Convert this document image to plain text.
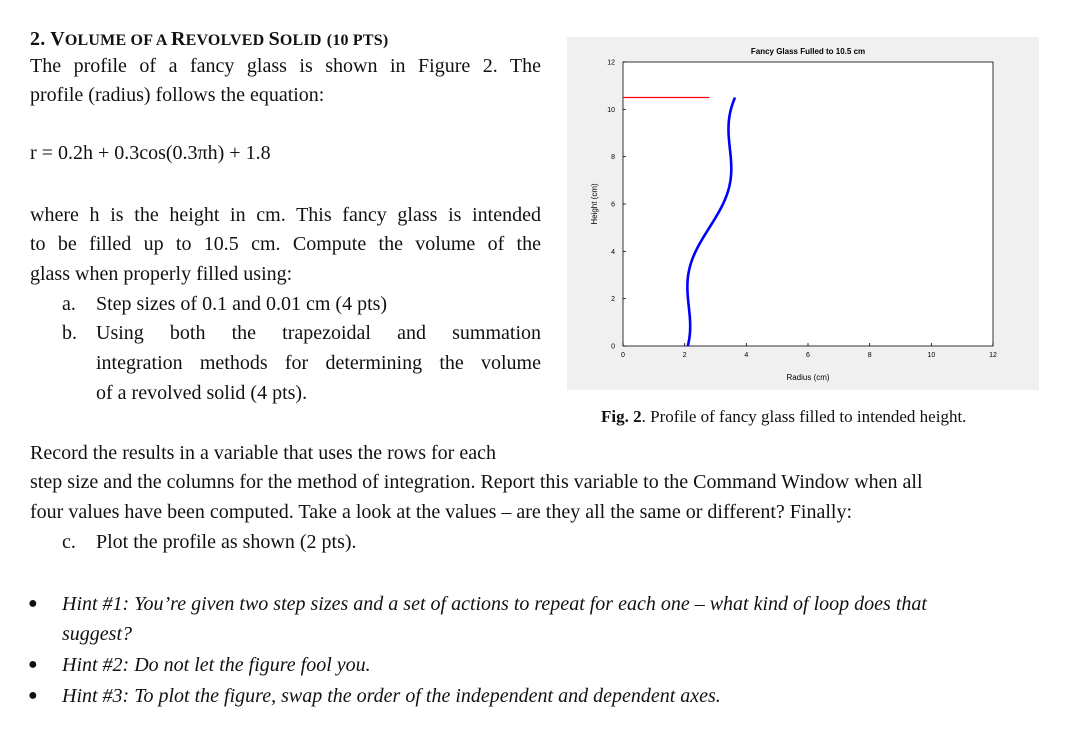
2. VOLUME OF A REVOLVED SOLID (10 PTS)
The profile of a fancy glass is shown in Figure 2. The
profile (radius) follows the equation:
r = 0.2h + 0.3cos(0.3πh) + 1.8
where h is the height in cm. This fancy glass is intended
to be filled up to 10.5 cm. Compute the volume of the
glass when properly filled using:
a. Step sizes of 0.1 and 0.01 cm (4 pts)
b. Using both the trapezoidal and summation
integration methods for determining the volume
of a revolved solid (4 pts).
Fancy Glass Fulled to 10.5 cm
Radius (cm)
Height (cm)
0	2	4	6	8	10	12
0
2
4
6
8
10
12
Fig. 2. Profile of fancy glass filled to intended height.
Record the results in a variable that uses the rows for each
step size and the columns for the method of integration. Report this variable to the Command Window when all
four values have been computed. Take a look at the values – are they all the same or different? Finally:
c. Plot the profile as shown (2 pts).
● Hint #1: You’re given two step sizes and a set of actions to repeat for each one – what kind of loop does that
suggest?
● Hint #2: Do not let the figure fool you.
● Hint #3: To plot the figure, swap the order of the independent and dependent axes.
